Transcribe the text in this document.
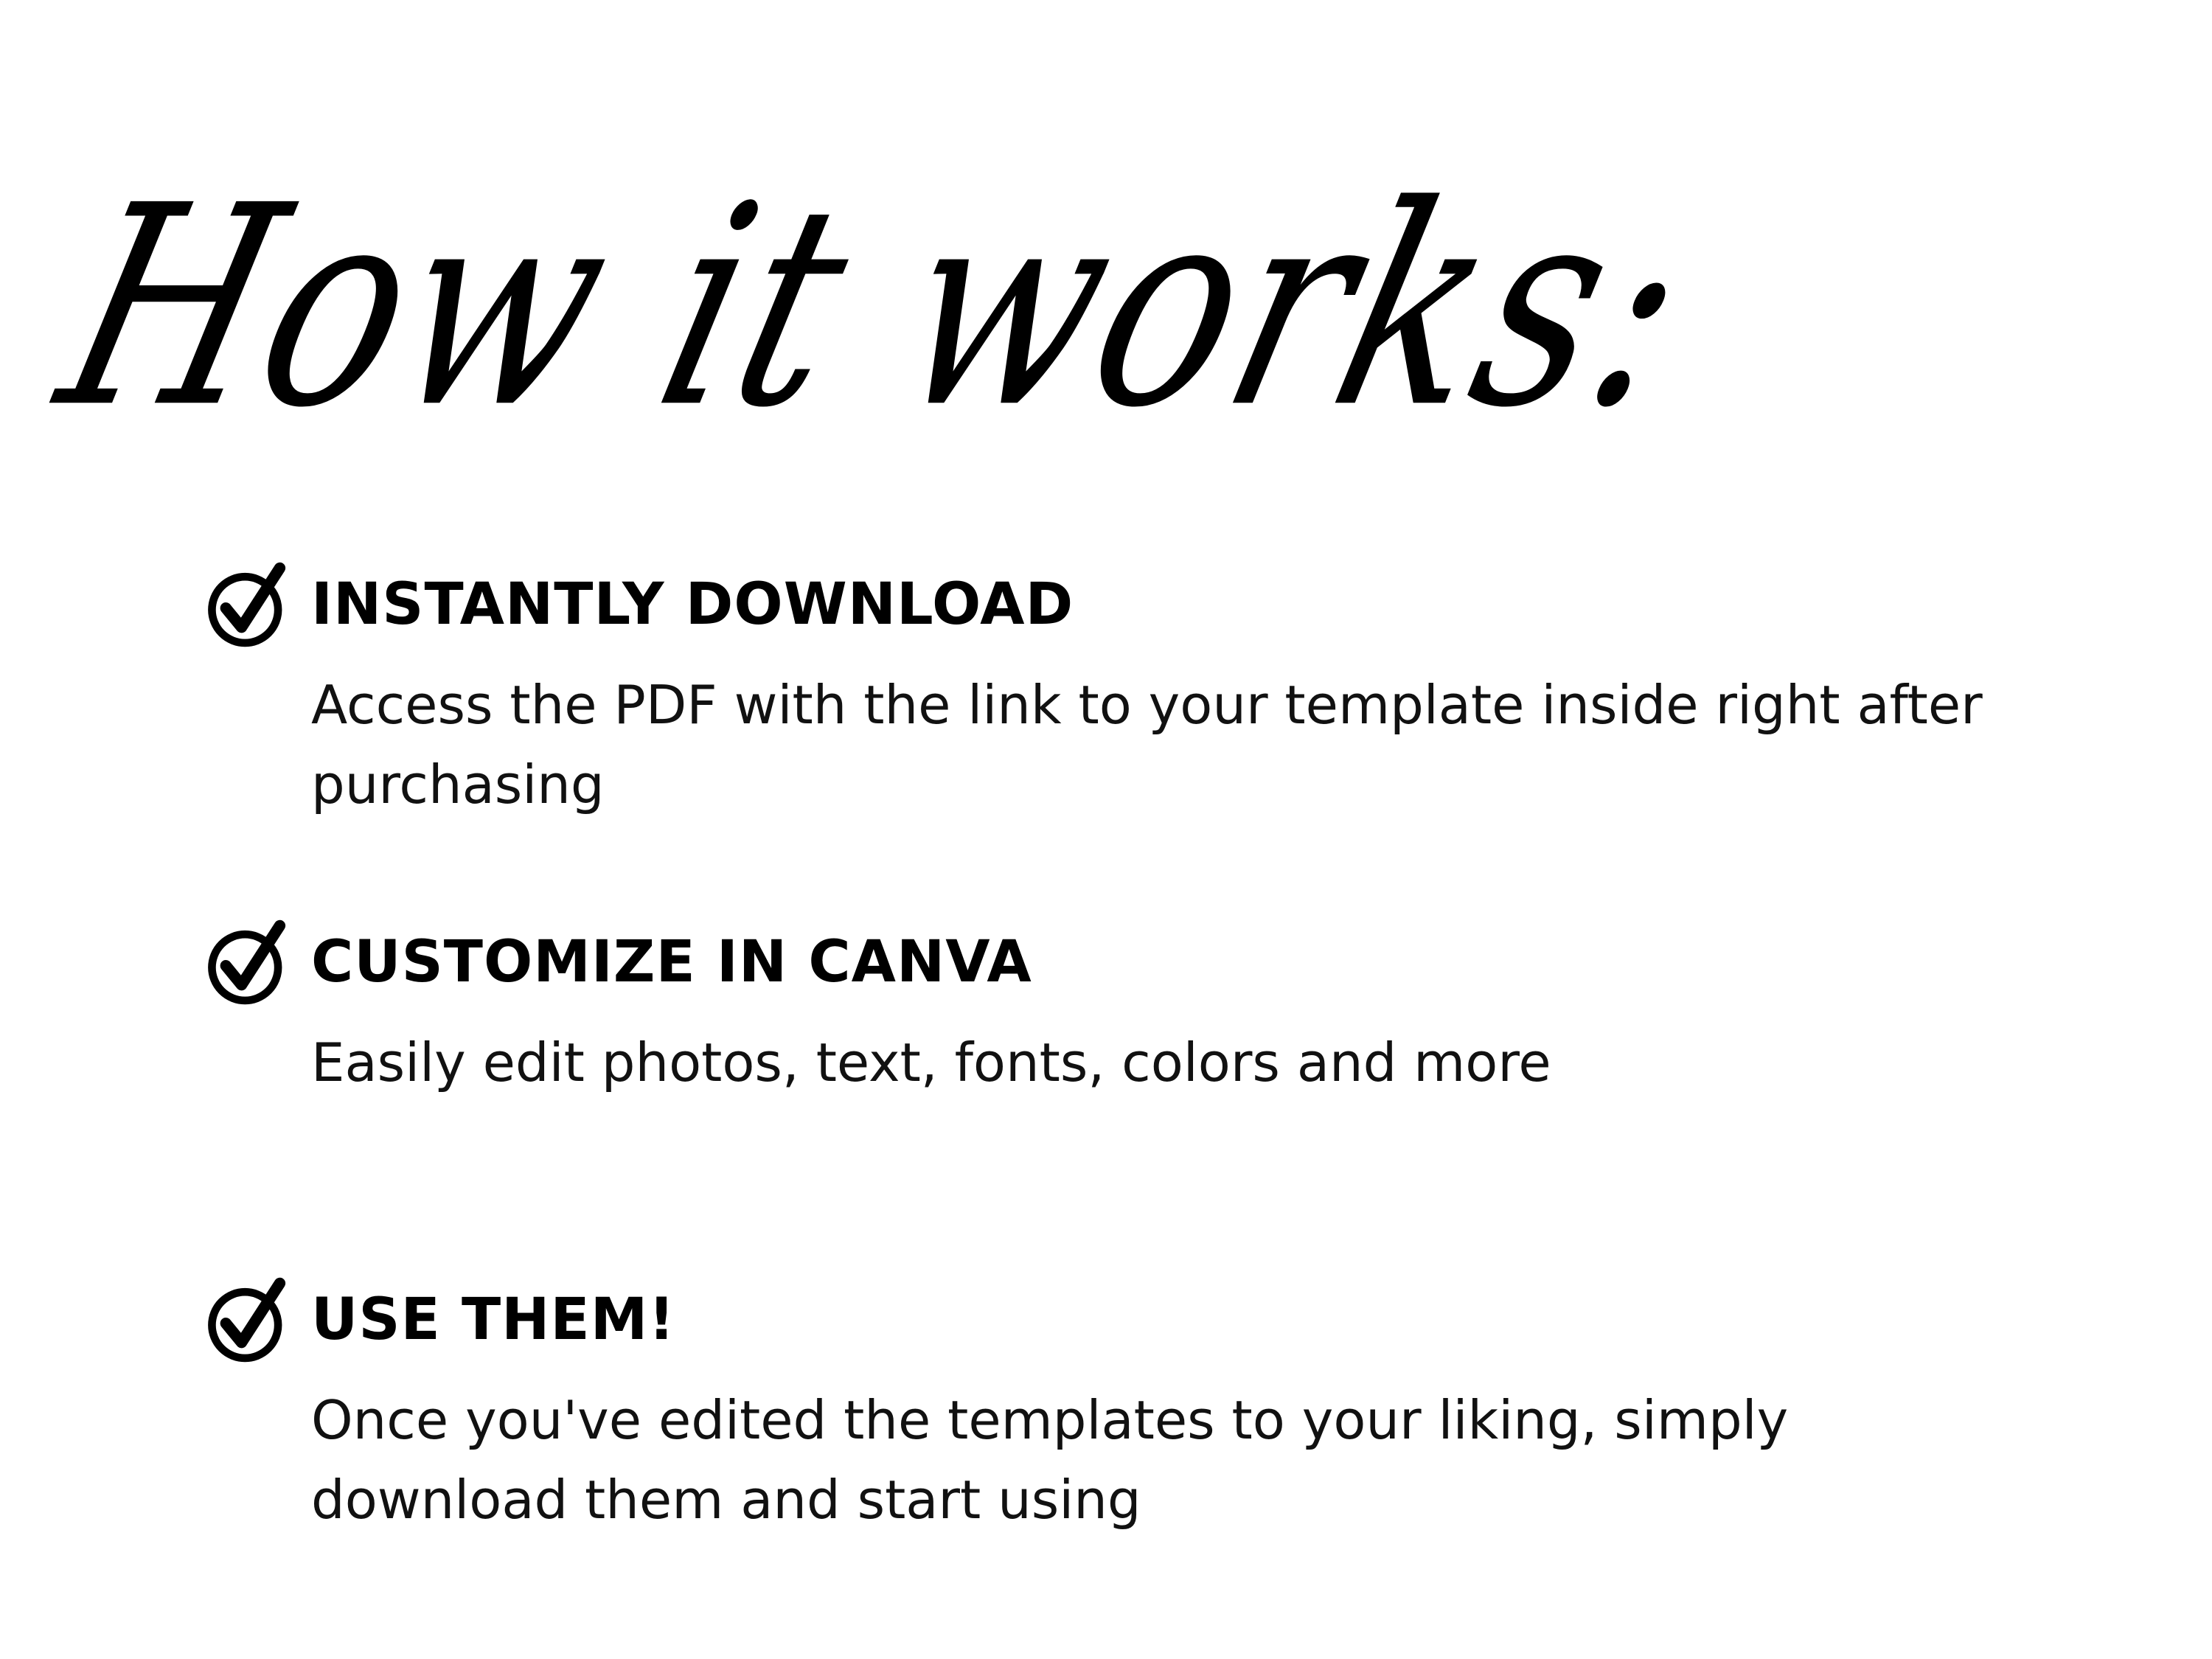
How it works:
INSTANTLY DOWNLOAD
Access the PDF with the link to your template inside right after
purchasing
CUSTOMIZE IN CANVA
Easily edit photos, text, fonts, colors and more
USE THEM!
Once you've edited the templates to your liking, simply
download them and start using
